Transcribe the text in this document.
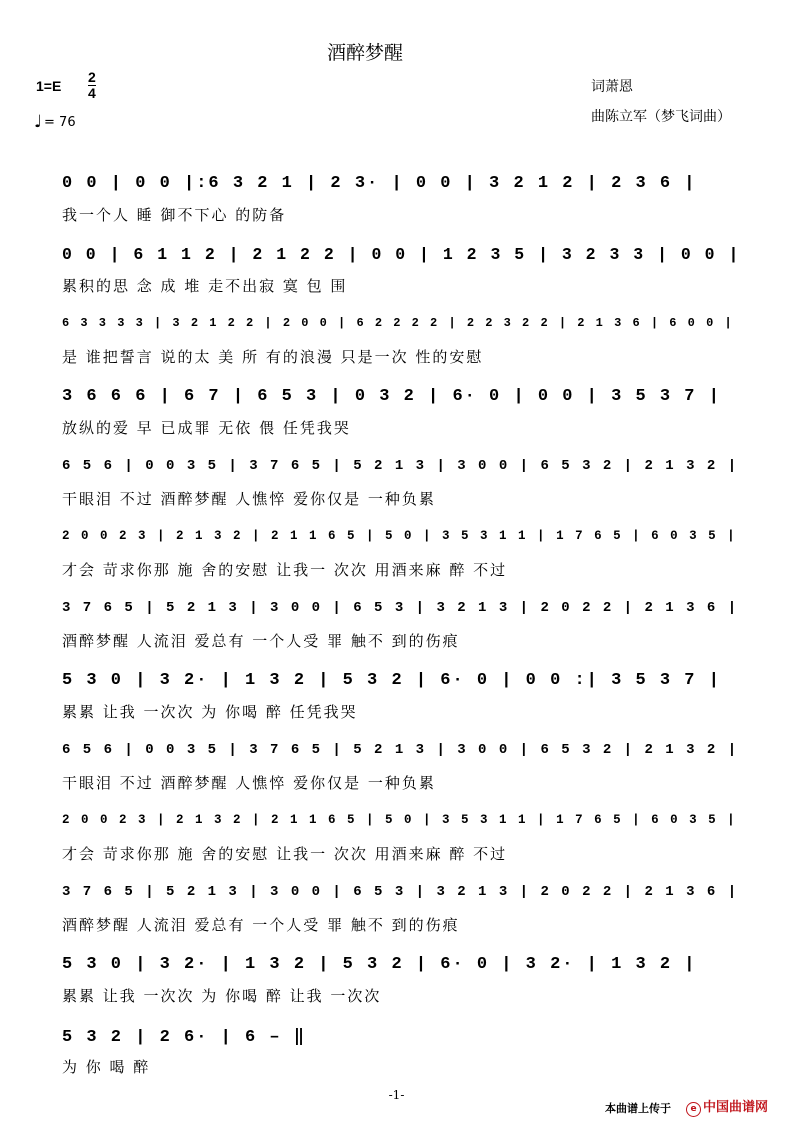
酒醉梦醒
$1=E \frac{2}{4}$
♩ = 76
词萧恩
曲陈立军（梦飞词曲）
0 0 | 0 0 |:6 3 2 1 | 2 3· | 0 0 | 3 2 1 2 | 2 3 6 |
我一个人 睡 御不下心 的防备
0 0 | 6 1 1 2 | 2 1 2 2 | 0 0 | 1 2 3 5 | 3 2 3 3 | 0 0 |
累积的思 念 成 堆 走不出寂 寞 包 围
6 3 3 3 3 | 3 2 1 2 2 | 2 0 0 | 6 2 2 2 2 | 2 2 3 2 2 | 2 1 3 6 | 6 0 0 |
是 谁把誓言 说的太 美 所 有的浪漫 只是一次 性的安慰
3 6 6 6 | 6 7 | 6 5 3 | 0 3 2 | 6· 0 | 0 0 | 3 5 3 7 |
放纵的爱 早 已成罪 无依 偎 任凭我哭
6 5 6 | 0 0 3 5 | 3 7 6 5 | 5 2 1 3 | 3 0 0 | 6 5 3 2 | 2 1 3 2 |
干眼泪 不过 酒醉梦醒 人憔悴 爱你仅是 一种负累
2 0 0 2 3 | 2 1 3 2 | 2 1 1 6 5 | 5 0 | 3 5 3 1 1 | 1 7 6 5 | 6 0 3 5 |
才会 苛求你那 施 舍的安慰 让我一 次次 用酒来麻 醉 不过
3 7 6 5 | 5 2 1 3 | 3 0 0 | 6 5 3 | 3 2 1 3 | 2 0 2 2 | 2 1 3 6 |
酒醉梦醒 人流泪 爱总有 一个人受 罪 触不 到的伤痕
5 3 0 | 3 2· | 1 3 2 | 5 3 2 | 6· 0 | 0 0 :| 3 5 3 7 |
累累 让我 一次次 为 你喝 醉 任凭我哭
6 5 6 | 0 0 3 5 | 3 7 6 5 | 5 2 1 3 | 3 0 0 | 6 5 3 2 | 2 1 3 2 |
干眼泪 不过 酒醉梦醒 人憔悴 爱你仅是 一种负累
2 0 0 2 3 | 2 1 3 2 | 2 1 1 6 5 | 5 0 | 3 5 3 1 1 | 1 7 6 5 | 6 0 3 5 |
才会 苛求你那 施 舍的安慰 让我一 次次 用酒来麻 醉 不过
3 7 6 5 | 5 2 1 3 | 3 0 0 | 6 5 3 | 3 2 1 3 | 2 0 2 2 | 2 1 3 6 |
酒醉梦醒 人流泪 爱总有 一个人受 罪 触不 到的伤痕
5 3 0 | 3 2· | 1 3 2 | 5 3 2 | 6· 0 | 3 2· | 1 3 2 |
累累 让我 一次次 为 你喝 醉 让我 一次次
5 3 2 | 2 6· | 6 – ‖
为 你 喝 醉
-1-
本曲谱上传于	e 中国曲谱网
